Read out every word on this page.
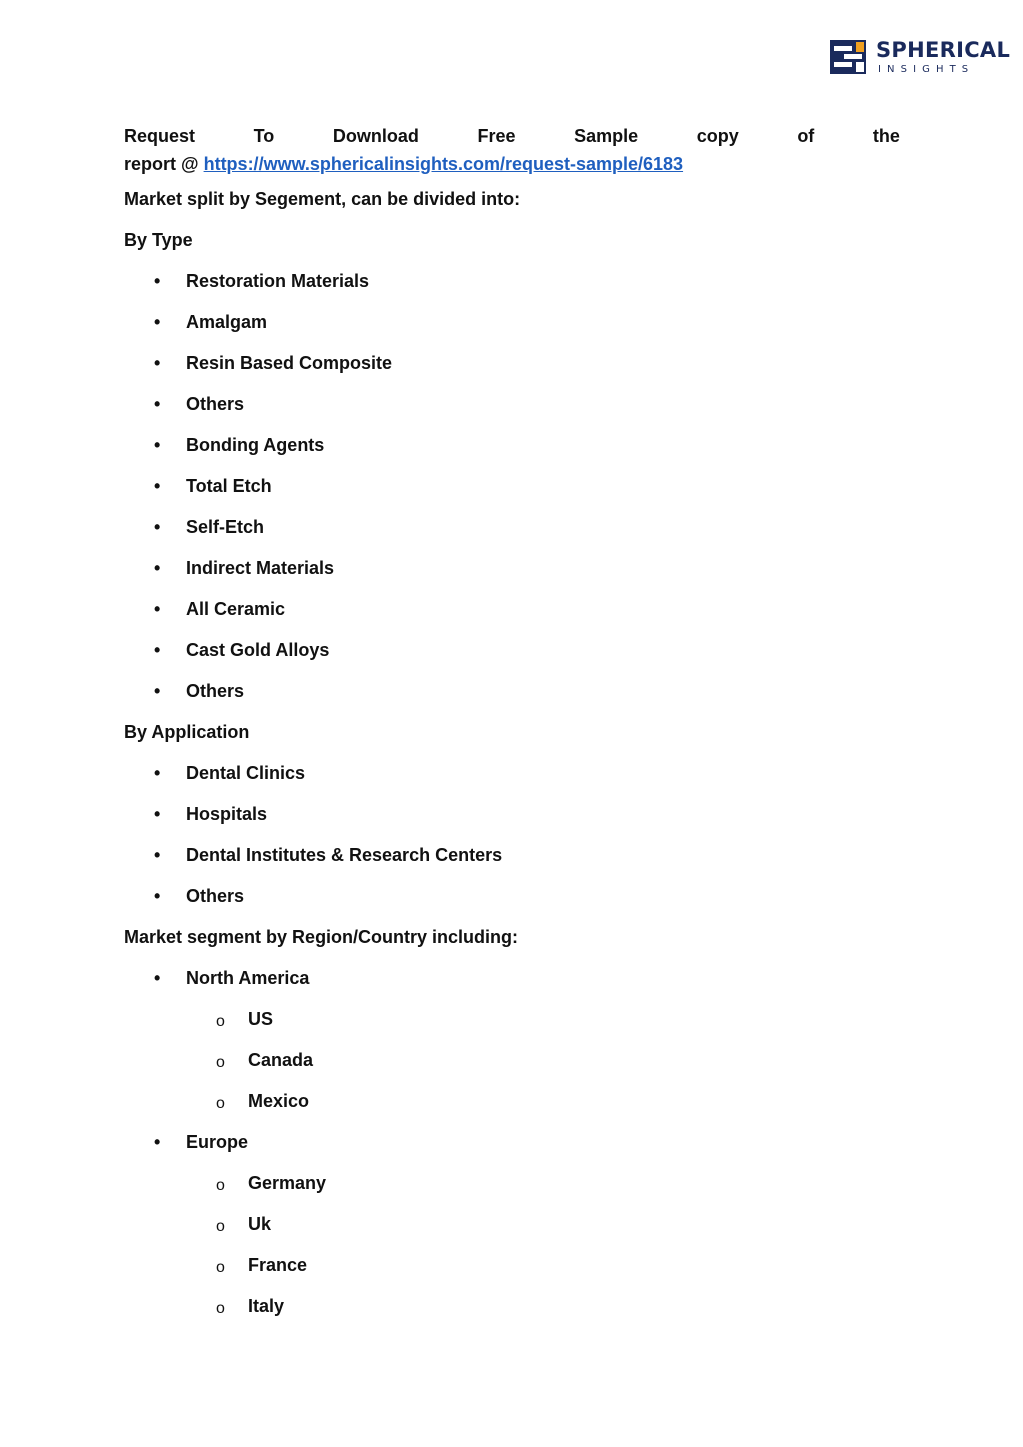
SPHERICAL
INSIGHTS
Request	To	Download	Free	Sample	copy	of	the
report @ https://www.sphericalinsights.com/request-sample/6183
Market split by Segement, can be divided into:
By Type
• Restoration Materials
• Amalgam
• Resin Based Composite
• Others
• Bonding Agents
• Total Etch
• Self-Etch
• Indirect Materials
• All Ceramic
• Cast Gold Alloys
• Others
By Application
• Dental Clinics
• Hospitals
• Dental Institutes & Research Centers
• Others
Market segment by Region/Country including:
• North America
o US
o Canada
o Mexico
• Europe
o Germany
o Uk
o France
o Italy
